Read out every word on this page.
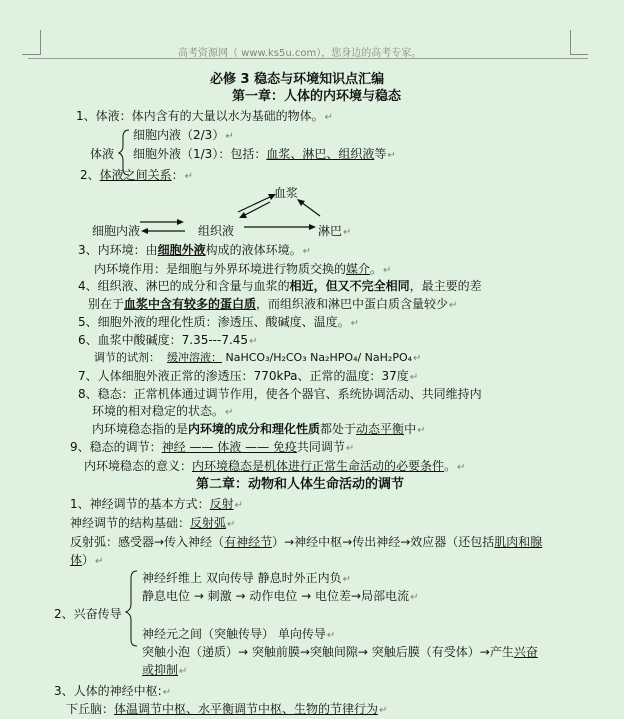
高考资源网（ www.ks5u.com），您身边的高考专家。
必修 3 稳态与环境知识点汇编
第一章：人体的内环境与稳态
1、体液：体内含有的大量以水为基础的物体。↵
细胞内液（2/3）↵
体液 细胞外液（1/3）：包括：血浆、淋巴、组织液等↵
2、体液之间关系：↵
血浆
细胞内液	组织液	淋巴↵
3、内环境：由细胞外液构成的液体环境。↵
内环境作用：是细胞与外界环境进行物质交换的媒介。↵
4、组织液、淋巴的成分和含量与血浆的相近，但又不完全相同，最主要的差
别在于血浆中含有较多的蛋白质，而组织液和淋巴中蛋白质含量较少↵
5、细胞外液的理化性质：渗透压、酸碱度、温度。↵
6、血浆中酸碱度：7.35---7.45↵
调节的试剂： 缓冲溶液： NaHCO₃/H₂CO₃ Na₂HPO₄/ NaH₂PO₄↵
7、人体细胞外液正常的渗透压：770kPa、正常的温度：37度↵
8、稳态：正常机体通过调节作用，使各个器官、系统协调活动、共同维持内
环境的相对稳定的状态。↵
内环境稳态指的是内环境的成分和理化性质都处于动态平衡中↵
9、稳态的调节：神经 —— 体液 —— 免疫共同调节↵
内环境稳态的意义：内环境稳态是机体进行正常生命活动的必要条件。↵
第二章：动物和人体生命活动的调节
1、神经调节的基本方式：反射↵
神经调节的结构基础：反射弧↵
反射弧：感受器→传入神经（有神经节）→神经中枢→传出神经→效应器（还包括肌肉和腺
体）↵
神经纤维上 双向传导 静息时外正内负↵
静息电位 → 刺激 → 动作电位 → 电位差→局部电流↵
2、兴奋传导
神经元之间（突触传导） 单向传导↵
突触小泡（递质）→ 突触前膜→突触间隙→ 突触后膜（有受体）→产生兴奋
或抑制↵
3、人体的神经中枢:↵
下丘脑：体温调节中枢、水平衡调节中枢、生物的节律行为↵
